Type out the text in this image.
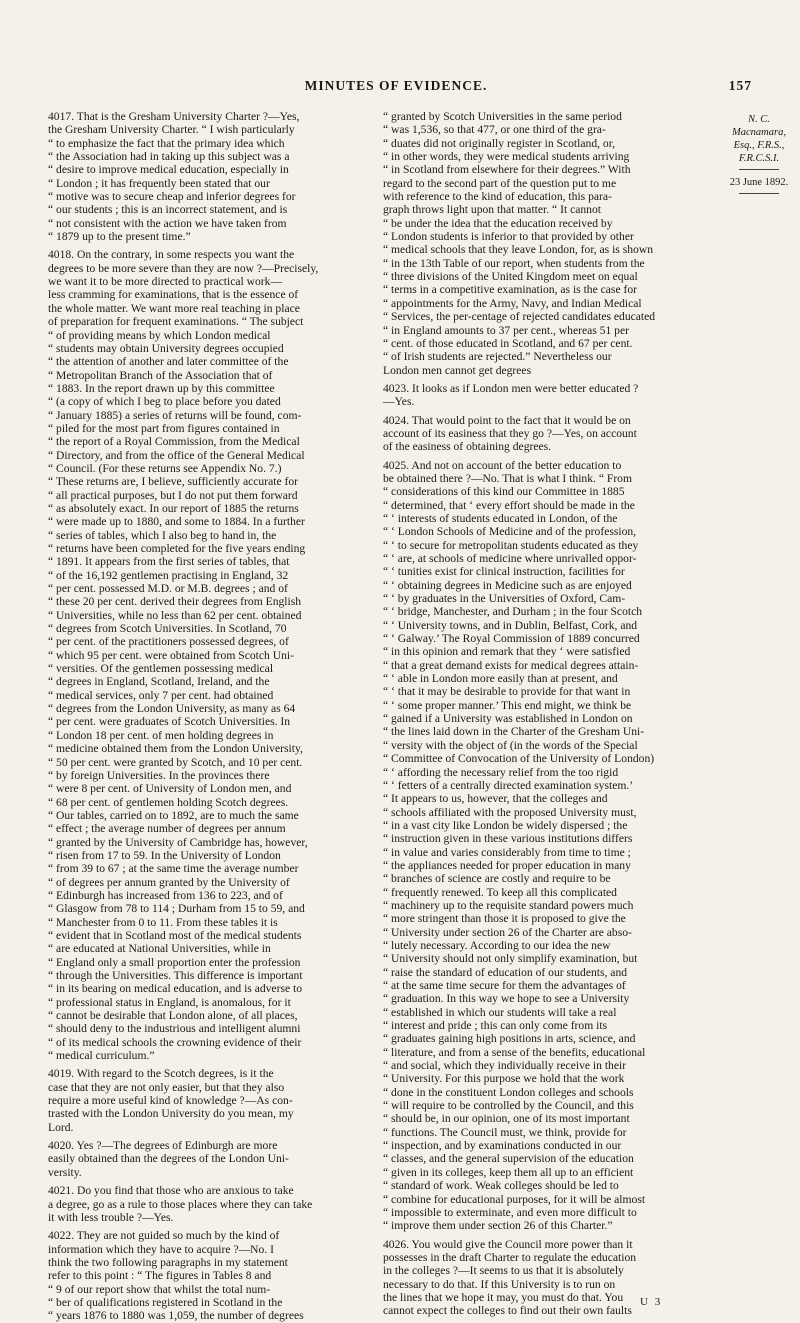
MINUTES OF EVIDENCE.	157
4017. That is the Gresham University Charter ?—Yes,
the Gresham University Charter. “ I wish particularly
“ to emphasize the fact that the primary idea which
“ the Association had in taking up this subject was a
“ desire to improve medical education, especially in
“ London ; it has frequently been stated that our
“ motive was to secure cheap and inferior degrees for
“ our students ; this is an incorrect statement, and is
“ not consistent with the action we have taken from
“ 1879 up to the present time.”
4018. On the contrary, in some respects you want the
degrees to be more severe than they are now ?—Precisely,
we want it to be more directed to practical work—
less cramming for examinations, that is the essence of
the whole matter. We want more real teaching in place
of preparation for frequent examinations. “ The subject
“ of providing means by which London medical
“ students may obtain University degrees occupied
“ the attention of another and later committee of the
“ Metropolitan Branch of the Association that of
“ 1883. In the report drawn up by this committee
“ (a copy of which I beg to place before you dated
“ January 1885) a series of returns will be found, com-
“ piled for the most part from figures contained in
“ the report of a Royal Commission, from the Medical
“ Directory, and from the office of the General Medical
“ Council. (For these returns see Appendix No. 7.)
“ These returns are, I believe, sufficiently accurate for
“ all practical purposes, but I do not put them forward
“ as absolutely exact. In our report of 1885 the returns
“ were made up to 1880, and some to 1884. In a further
“ series of tables, which I also beg to hand in, the
“ returns have been completed for the five years ending
“ 1891. It appears from the first series of tables, that
“ of the 16,192 gentlemen practising in England, 32
“ per cent. possessed M.D. or M.B. degrees ; and of
“ these 20 per cent. derived their degrees from English
“ Universities, while no less than 62 per cent. obtained
“ degrees from Scotch Universities. In Scotland, 70
“ per cent. of the practitioners possessed degrees, of
“ which 95 per cent. were obtained from Scotch Uni-
“ versities. Of the gentlemen possessing medical
“ degrees in England, Scotland, Ireland, and the
“ medical services, only 7 per cent. had obtained
“ degrees from the London University, as many as 64
“ per cent. were graduates of Scotch Universities. In
“ London 18 per cent. of men holding degrees in
“ medicine obtained them from the London University,
“ 50 per cent. were granted by Scotch, and 10 per cent.
“ by foreign Universities. In the provinces there
“ were 8 per cent. of University of London men, and
“ 68 per cent. of gentlemen holding Scotch degrees.
“ Our tables, carried on to 1892, are to much the same
“ effect ; the average number of degrees per annum
“ granted by the University of Cambridge has, however,
“ risen from 17 to 59. In the University of London
“ from 39 to 67 ; at the same time the average number
“ of degrees per annum granted by the University of
“ Edinburgh has increased from 136 to 223, and of
“ Glasgow from 78 to 114 ; Durham from 15 to 59, and
“ Manchester from 0 to 11. From these tables it is
“ evident that in Scotland most of the medical students
“ are educated at National Universities, while in
“ England only a small proportion enter the profession
“ through the Universities. This difference is important
“ in its bearing on medical education, and is adverse to
“ professional status in England, is anomalous, for it
“ cannot be desirable that London alone, of all places,
“ should deny to the industrious and intelligent alumni
“ of its medical schools the crowning evidence of their
“ medical curriculum.”
4019. With regard to the Scotch degrees, is it the
case that they are not only easier, but that they also
require a more useful kind of knowledge ?—As con-
trasted with the London University do you mean, my
Lord.
4020. Yes ?—The degrees of Edinburgh are more
easily obtained than the degrees of the London Uni-
versity.
4021. Do you find that those who are anxious to take
a degree, go as a rule to those places where they can take
it with less trouble ?—Yes.
4022. They are not guided so much by the kind of
information which they have to acquire ?—No. I
think the two following paragraphs in my statement
refer to this point : “ The figures in Tables 8 and
“ 9 of our report show that whilst the total num-
“ ber of qualifications registered in Scotland in the
“ years 1876 to 1880 was 1,059, the number of degrees
“ granted by Scotch Universities in the same period
“ was 1,536, so that 477, or one third of the gra-
“ duates did not originally register in Scotland, or,
“ in other words, they were medical students arriving
“ in Scotland from elsewhere for their degrees.” With
regard to the second part of the question put to me
with reference to the kind of education, this para-
graph throws light upon that matter. “ It cannot
“ be under the idea that the education received by
“ London students is inferior to that provided by other
“ medical schools that they leave London, for, as is shown
“ in the 13th Table of our report, when students from the
“ three divisions of the United Kingdom meet on equal
“ terms in a competitive examination, as is the case for
“ appointments for the Army, Navy, and Indian Medical
“ Services, the per-centage of rejected candidates educated
“ in England amounts to 37 per cent., whereas 51 per
“ cent. of those educated in Scotland, and 67 per cent.
“ of Irish students are rejected.” Nevertheless our
London men cannot get degrees
4023. It looks as if London men were better educated ?
—Yes.
4024. That would point to the fact that it would be on
account of its easiness that they go ?—Yes, on account
of the easiness of obtaining degrees.
4025. And not on account of the better education to
be obtained there ?—No. That is what I think. “ From
“ considerations of this kind our Committee in 1885
“ determined, that ‘ every effort should be made in the
“ ‘ interests of students educated in London, of the
“ ‘ London Schools of Medicine and of the profession,
“ ‘ to secure for metropolitan students educated as they
“ ‘ are, at schools of medicine where unrivalled oppor-
“ ‘ tunities exist for clinical instruction, facilities for
“ ‘ obtaining degrees in Medicine such as are enjoyed
“ ‘ by graduates in the Universities of Oxford, Cam-
“ ‘ bridge, Manchester, and Durham ; in the four Scotch
“ ‘ University towns, and in Dublin, Belfast, Cork, and
“ ‘ Galway.’ The Royal Commission of 1889 concurred
“ in this opinion and remark that they ‘ were satisfied
“ that a great demand exists for medical degrees attain-
“ ‘ able in London more easily than at present, and
“ ‘ that it may be desirable to provide for that want in
“ ‘ some proper manner.’ This end might, we think be
“ gained if a University was established in London on
“ the lines laid down in the Charter of the Gresham Uni-
“ versity with the object of (in the words of the Special
“ Committee of Convocation of the University of London)
“ ‘ affording the necessary relief from the too rigid
“ ‘ fetters of a centrally directed examination system.’
“ It appears to us, however, that the colleges and
“ schools affiliated with the proposed University must,
“ in a vast city like London be widely dispersed ; the
“ instruction given in these various institutions differs
“ in value and varies considerably from time to time ;
“ the appliances needed for proper education in many
“ branches of science are costly and require to be
“ frequently renewed. To keep all this complicated
“ machinery up to the requisite standard powers much
“ more stringent than those it is proposed to give the
“ University under section 26 of the Charter are abso-
“ lutely necessary. According to our idea the new
“ University should not only simplify examination, but
“ raise the standard of education of our students, and
“ at the same time secure for them the advantages of
“ graduation. In this way we hope to see a University
“ established in which our students will take a real
“ interest and pride ; this can only come from its
“ graduates gaining high positions in arts, science, and
“ literature, and from a sense of the benefits, educational
“ and social, which they individually receive in their
“ University. For this purpose we hold that the work
“ done in the constituent London colleges and schools
“ will require to be controlled by the Council, and this
“ should be, in our opinion, one of its most important
“ functions. The Council must, we think, provide for
“ inspection, and by examinations conducted in our
“ classes, and the general supervision of the education
“ given in its colleges, keep them all up to an efficient
“ standard of work. Weak colleges should be led to
“ combine for educational purposes, for it will be almost
“ impossible to exterminate, and even more difficult to
“ improve them under section 26 of this Charter.”
4026. You would give the Council more power than it
possesses in the draft Charter to regulate the education
in the colleges ?—It seems to us that it is absolutely
necessary to do that. If this University is to run on
the lines that we hope it may, you must do that. You
cannot expect the colleges to find out their own faults
N. C.
Macnamara,
Esq., F.R.S.,
F.R.C.S.I.
23 June 1892.
U 3
